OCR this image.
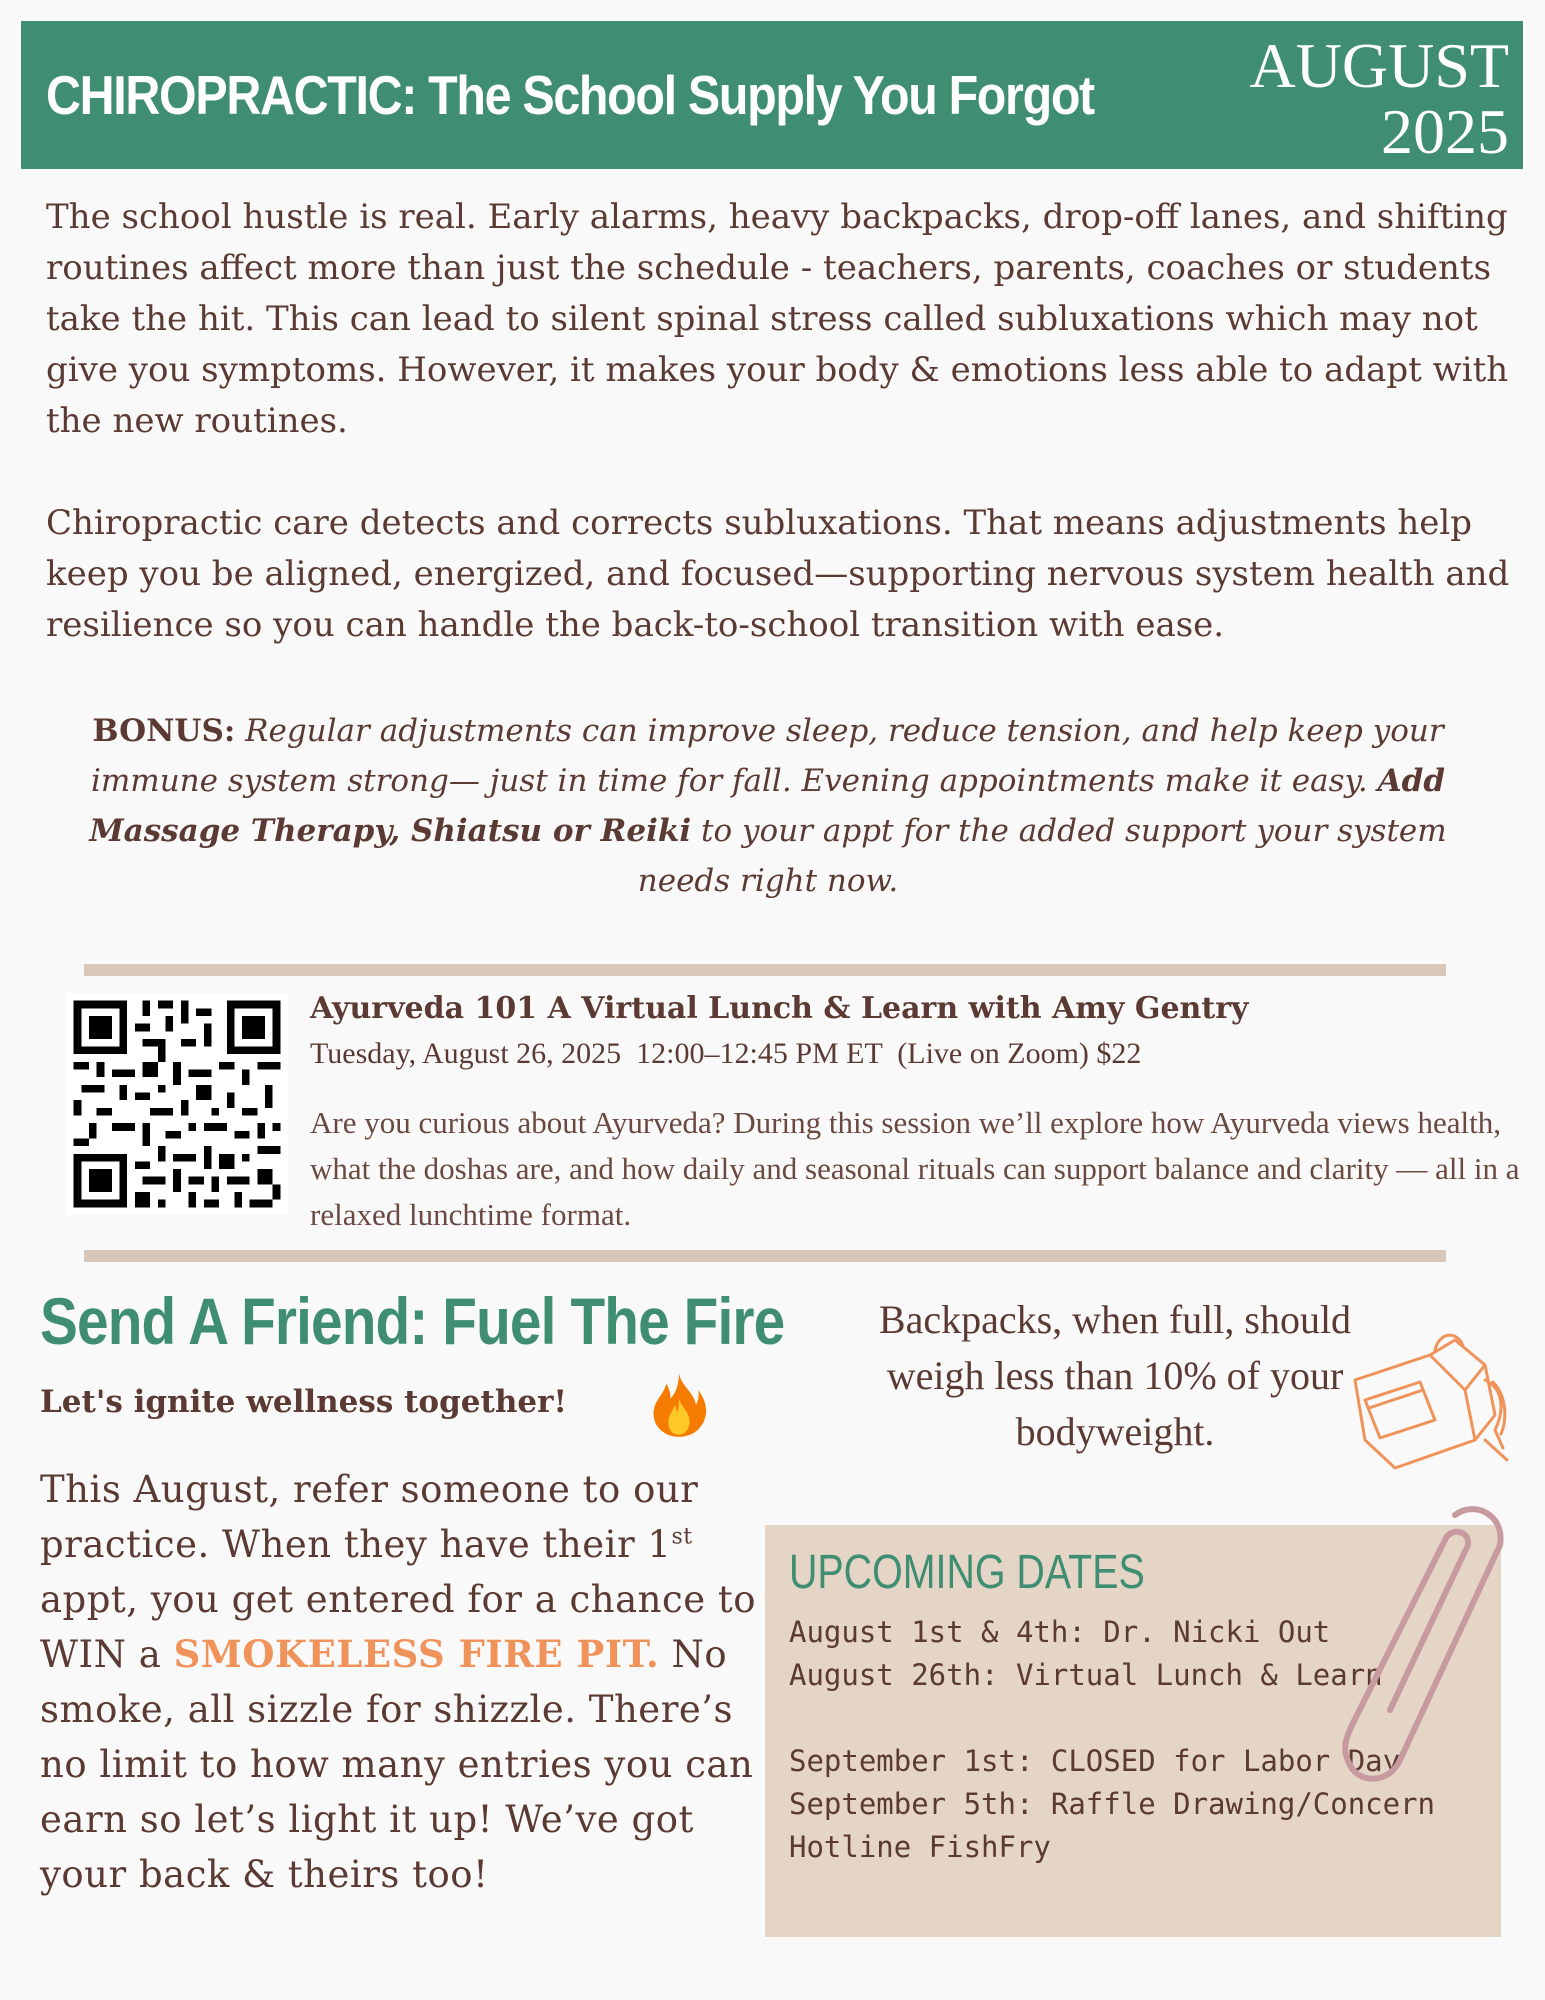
CHIROPRACTIC: The School Supply You Forgot AUGUST
2025

The school hustle is real. Early alarms, heavy backpacks, drop-off lanes, and shifting routines affect more than just the schedule - teachers, parents, coaches or students take the hit. This can lead to silent spinal stress called subluxations which may not give you symptoms. However, it makes your body & emotions less able to adapt with the new routines.

Chiropractic care detects and corrects subluxations. That means adjustments help keep you be aligned, energized, and focused—supporting nervous system health and resilience so you can handle the back-to-school transition with ease.

BONUS: Regular adjustments can improve sleep, reduce tension, and help keep your immune system strong— just in time for fall. Evening appointments make it easy. Add Massage Therapy, Shiatsu or Reiki to your appt for the added support your system needs right now.
Ayurveda 101 A Virtual Lunch & Learn with Amy Gentry
Tuesday, August 26, 2025  12:00–12:45 PM ET  (Live on Zoom) $22
Are you curious about Ayurveda? During this session we’ll explore how Ayurveda views health, what the doshas are, and how daily and seasonal rituals can support balance and clarity — all in a relaxed lunchtime format.
Send A Friend: Fuel The Fire
Let's ignite wellness together!
This August, refer someone to our practice. When they have their 1st appt, you get entered for a chance to WIN a SMOKELESS FIRE PIT. No smoke, all sizzle for shizzle. There’s no limit to how many entries you can earn so let’s light it up! We’ve got your back & theirs too!
Backpacks, when full, should weigh less than 10% of your bodyweight.
UPCOMING DATES
August 1st & 4th: Dr. Nicki Out
August 26th: Virtual Lunch & Learn
September 1st: CLOSED for Labor Day
September 5th: Raffle Drawing/Concern Hotline FishFry
